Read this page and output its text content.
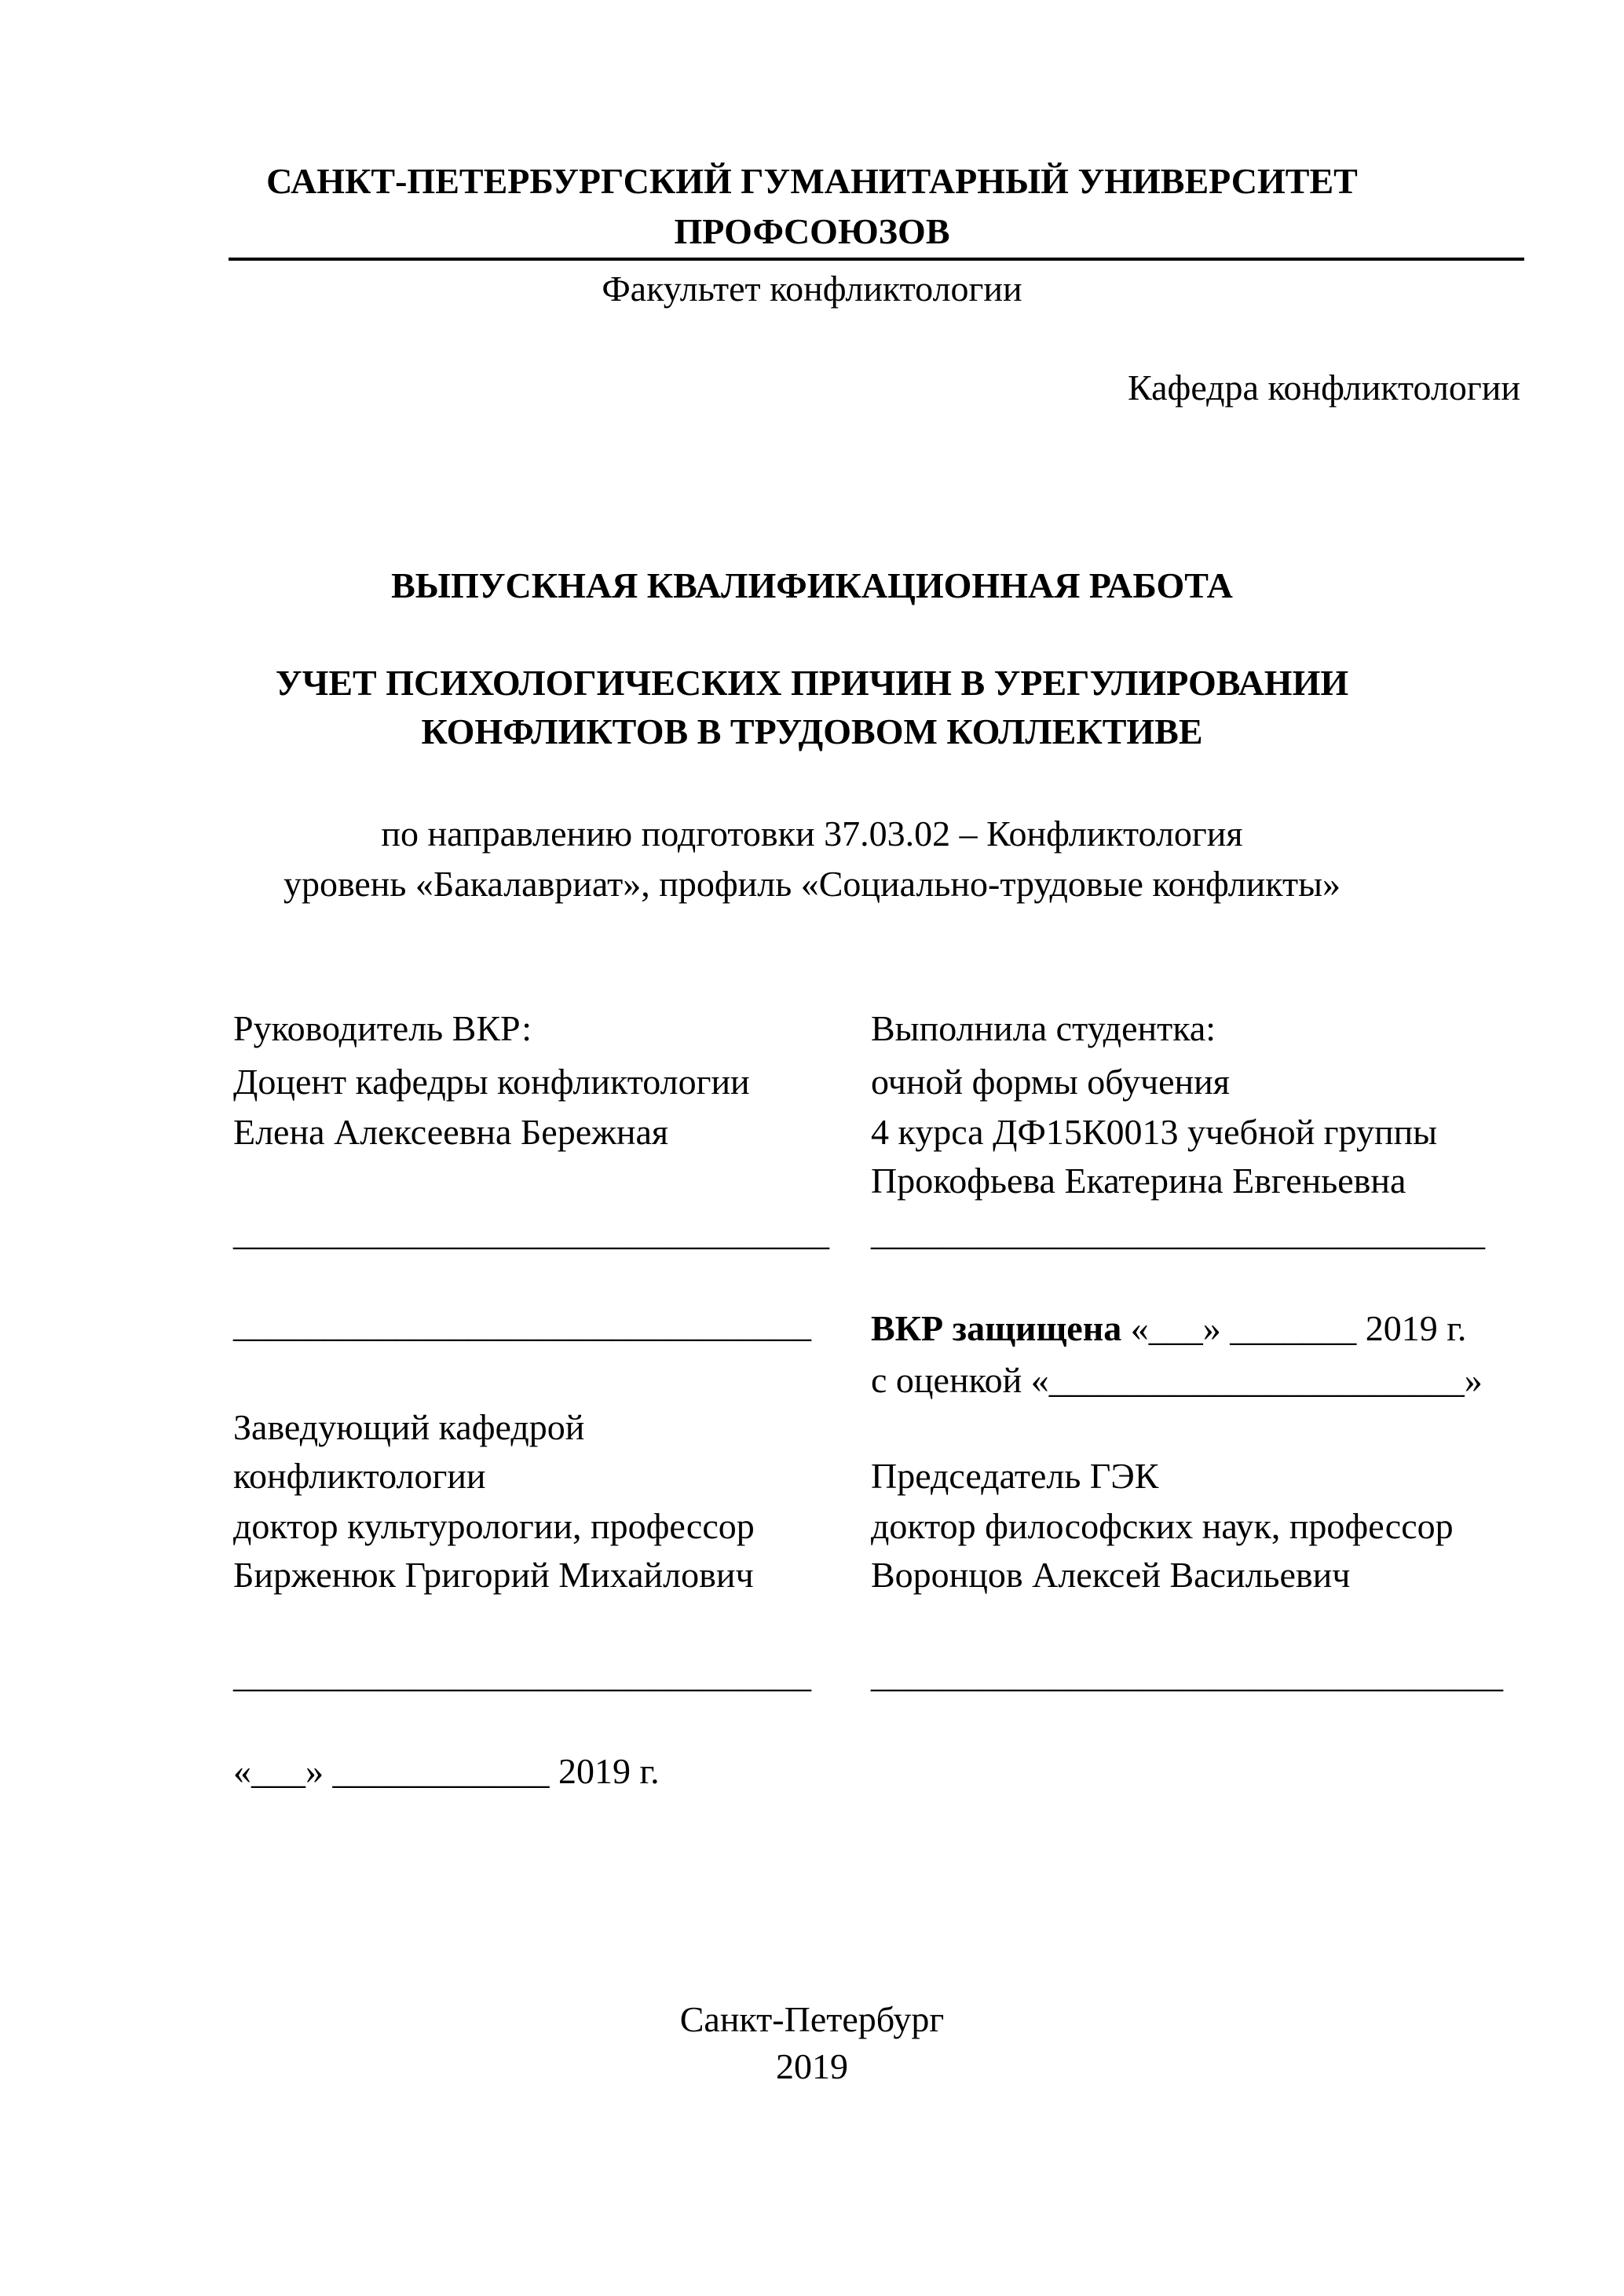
САНКТ-ПЕТЕРБУРГСКИЙ ГУМАНИТАРНЫЙ УНИВЕРСИТЕТ
ПРОФСОЮЗОВ
Факультет конфликтологии
Кафедра конфликтологии
ВЫПУСКНАЯ КВАЛИФИКАЦИОННАЯ РАБОТА
УЧЕТ ПСИХОЛОГИЧЕСКИХ ПРИЧИН В УРЕГУЛИРОВАНИИ
КОНФЛИКТОВ В ТРУДОВОМ КОЛЛЕКТИВЕ
по направлению подготовки 37.03.02 – Конфликтология
уровень «Бакалавриат», профиль «Социально-трудовые конфликты»
Руководитель ВКР:
Доцент кафедры конфликтологии
Елена Алексеевна Бережная
_________________________________
________________________________
Выполнила студентка:
очной формы обучения
4 курса ДФ15К0013 учебной группы
Прокофьева Екатерина Евгеньевна
__________________________________
ВКР защищена «___» _______ 2019 г.
с оценкой «_______________________»
Заведующий кафедрой
конфликтологии
доктор культурологии, профессор
Бирженюк Григорий Михайлович
________________________________
«___» ____________ 2019 г.
Председатель ГЭК
доктор философских наук, профессор
Воронцов Алексей Васильевич
___________________________________
Санкт-Петербург
2019
